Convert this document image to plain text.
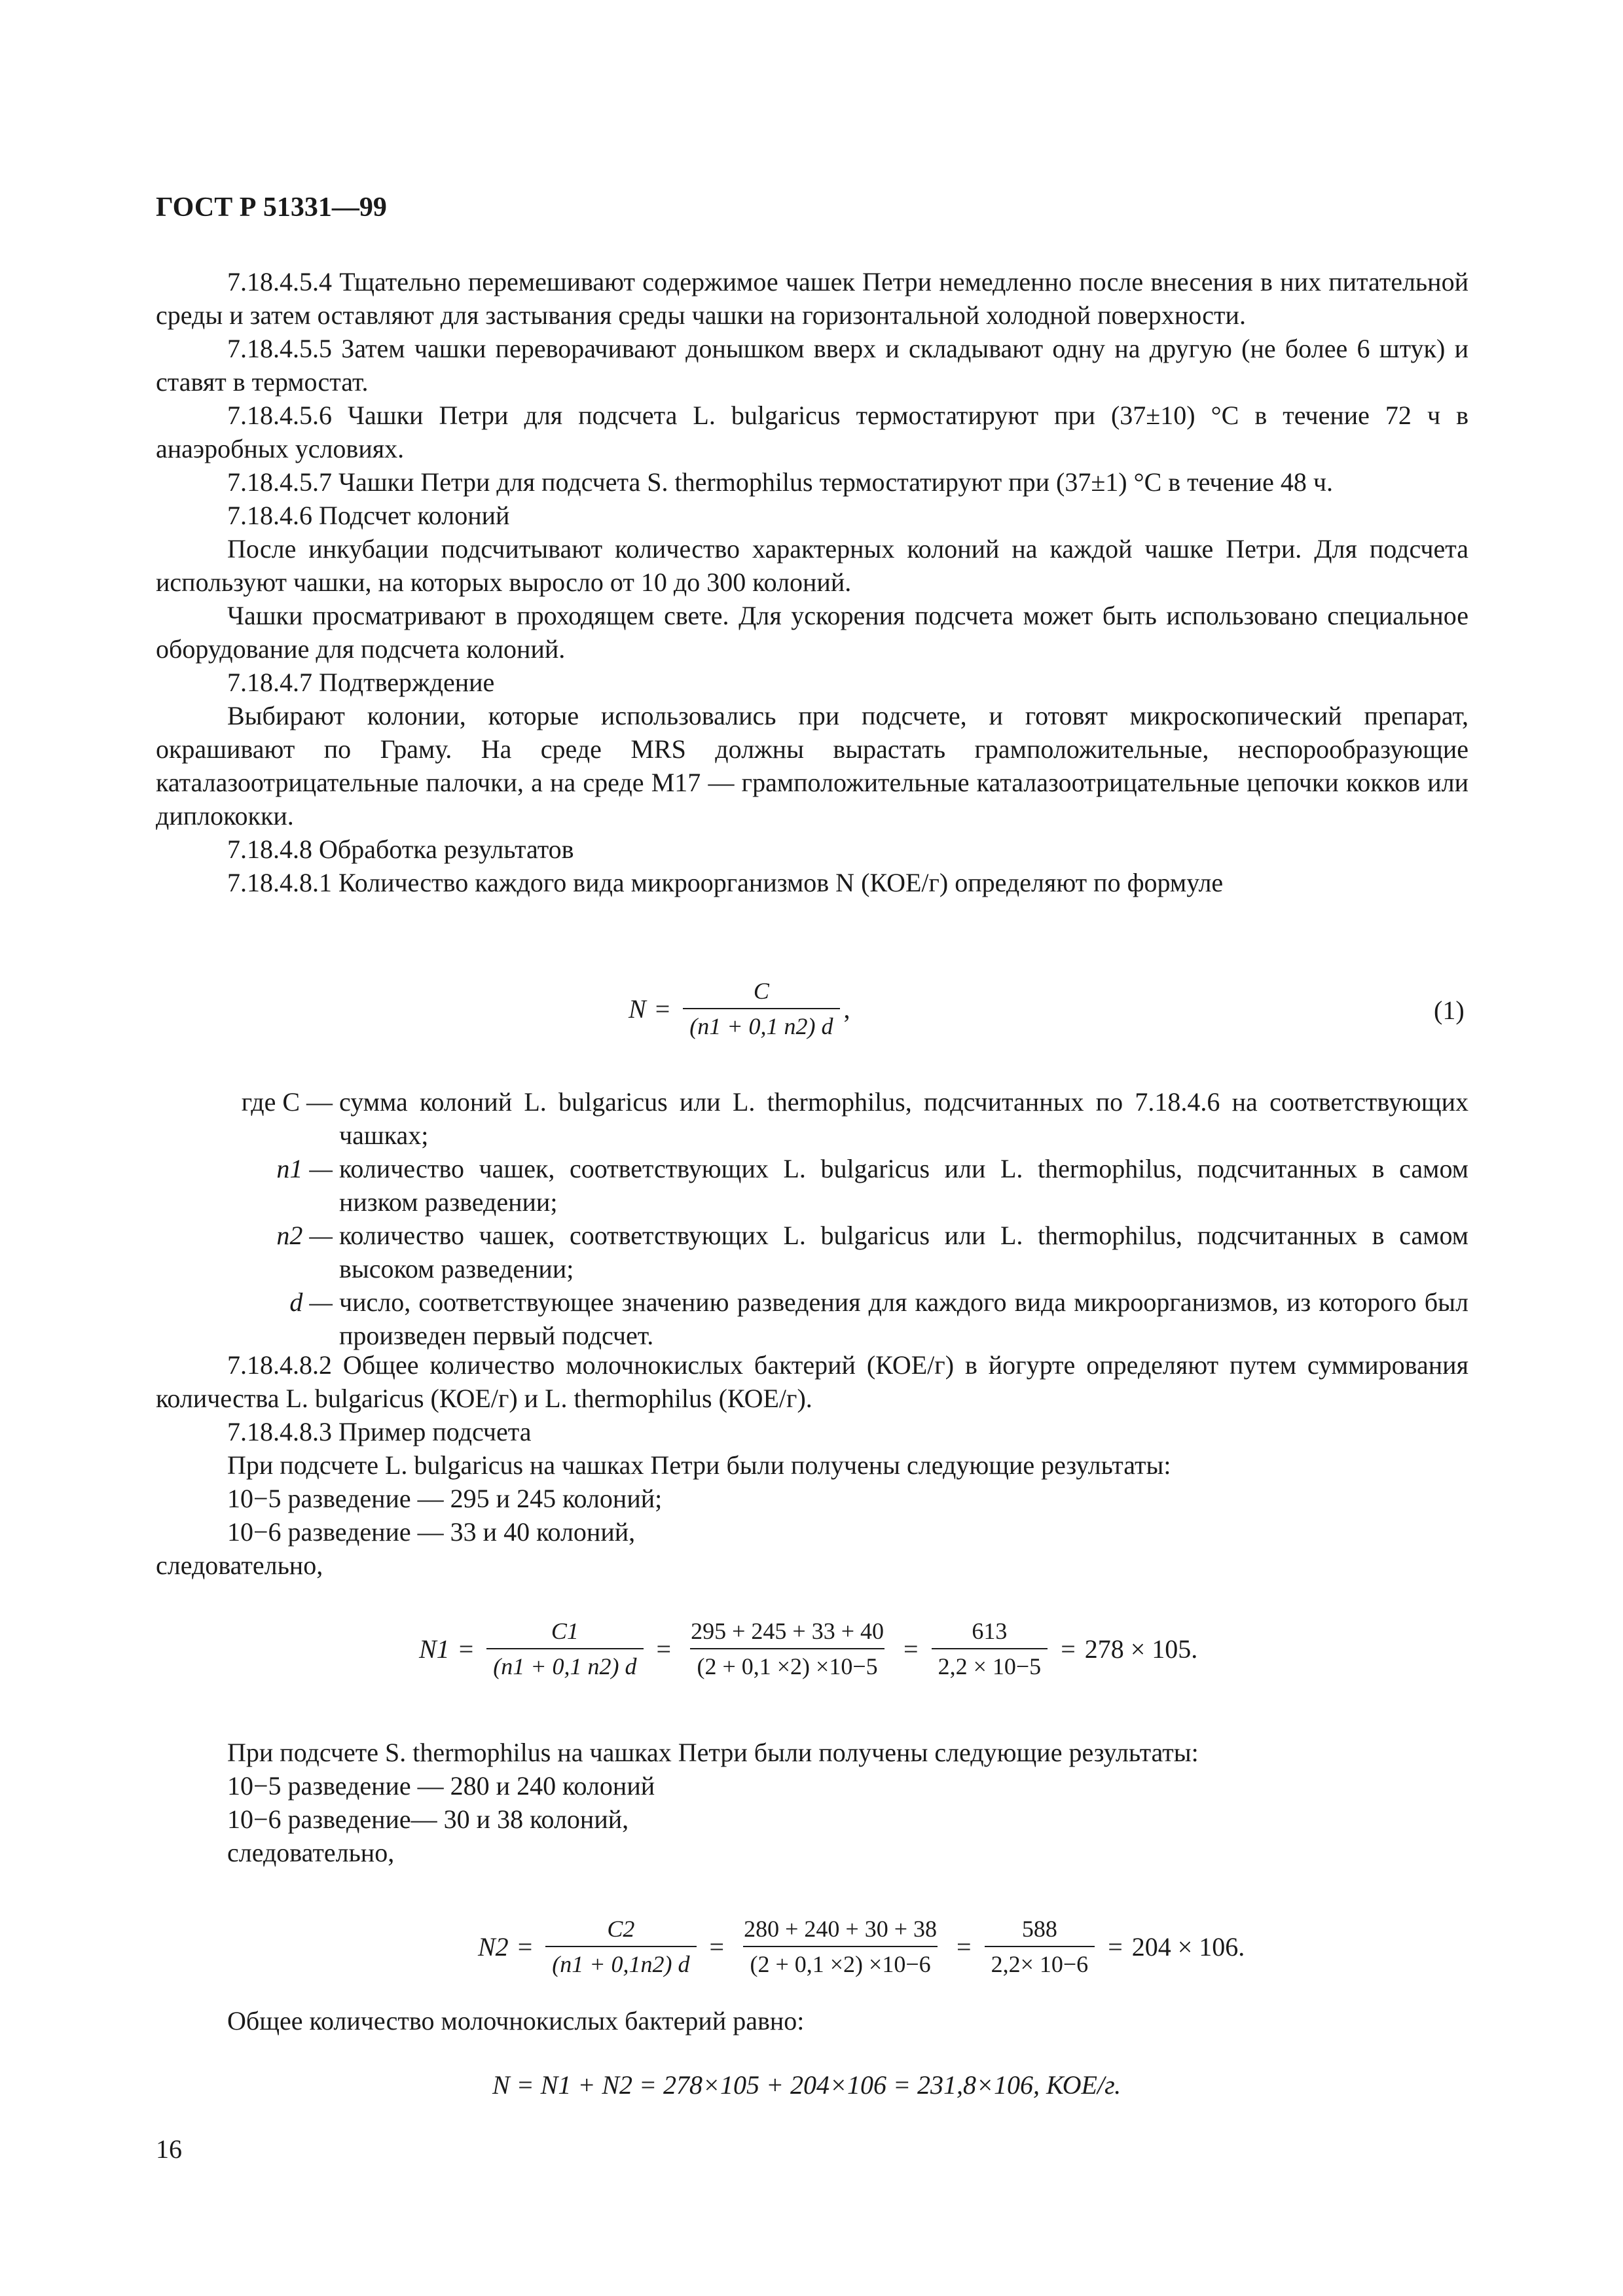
ГОСТ Р 51331—99

7.18.4.5.4 Тщательно перемешивают содержимое чашек Петри немедленно после внесения в них питательной среды и затем оставляют для застывания среды чашки на горизонтальной холодной поверхности.

7.18.4.5.5 Затем чашки переворачивают донышком вверх и складывают одну на другую (не более 6 штук) и ставят в термостат.

7.18.4.5.6 Чашки Петри для подсчета L. bulgaricus термостатируют при (37±10) °С в течение 72 ч в анаэробных условиях.

7.18.4.5.7 Чашки Петри для подсчета S. thermophilus термостатируют при (37±1) °С в течение 48 ч.

7.18.4.6 Подсчет колоний

После инкубации подсчитывают количество характерных колоний на каждой чашке Петри. Для подсчета используют чашки, на которых выросло от 10 до 300 колоний.

Чашки просматривают в проходящем свете. Для ускорения подсчета может быть использовано специальное оборудование для подсчета колоний.

7.18.4.7 Подтверждение

Выбирают колонии, которые использовались при подсчете, и готовят микроскопический препарат, окрашивают по Граму. На среде MRS должны вырастать грамположительные, неспорообразующие каталазоотрицательные палочки, а на среде M17 — грамположительные каталазоотрицательные цепочки кокков или диплококки.

7.18.4.8 Обработка результатов

7.18.4.8.1 Количество каждого вида микроорганизмов N (КОЕ/г) определяют по формуле

$N = \frac{C}{(n1 + 0,1 n2) d}$ ,	(1)
где C — сумма колоний L. bulgaricus или L. thermophilus, подсчитанных по 7.18.4.6 на соответствующих чашках;
n1 — количество чашек, соответствующих L. bulgaricus или L. thermophilus, подсчитанных в самом низком разведении;
n2 — количество чашек, соответствующих L. bulgaricus или L. thermophilus, подсчитанных в самом высоком разведении;
d — число, соответствующее значению разведения для каждого вида микроорганизмов, из которого был произведен первый подсчет.

7.18.4.8.2 Общее количество молочнокислых бактерий (КОЕ/г) в йогурте определяют путем суммирования количества L. bulgaricus (КОЕ/г) и L. thermophilus (КОЕ/г).

7.18.4.8.3 Пример подсчета

При подсчете L. bulgaricus на чашках Петри были получены следующие результаты:

10−5 разведение — 295 и 245 колоний;

10−6 разведение — 33 и 40 колоний,

следовательно,

$N1 = \frac{C1}{(n1 + 0,1 n2) d} = \frac{295 + 245 + 33 + 40}{(2 + 0,1 \times 2) \times 10-5} = \frac{613}{2,2 \times 10-5} = 278 \times 105$.

При подсчете S. thermophilus на чашках Петри были получены следующие результаты:

10−5 разведение — 280 и 240 колоний

10−6 разведение— 30 и 38 колоний,

следовательно,

$N2 = \frac{C2}{(n1 + 0,1n2) d} = \frac{280 + 240 + 30 + 38}{(2 + 0,1 \times 2) \times 10-6} = \frac{588}{2,2\times 10-6} = 204 \times 106$.

Общее количество молочнокислых бактерий равно:

N = N1 + N2 = 278×105 + 204×106 = 231,8×106, КОЕ/г.
16
